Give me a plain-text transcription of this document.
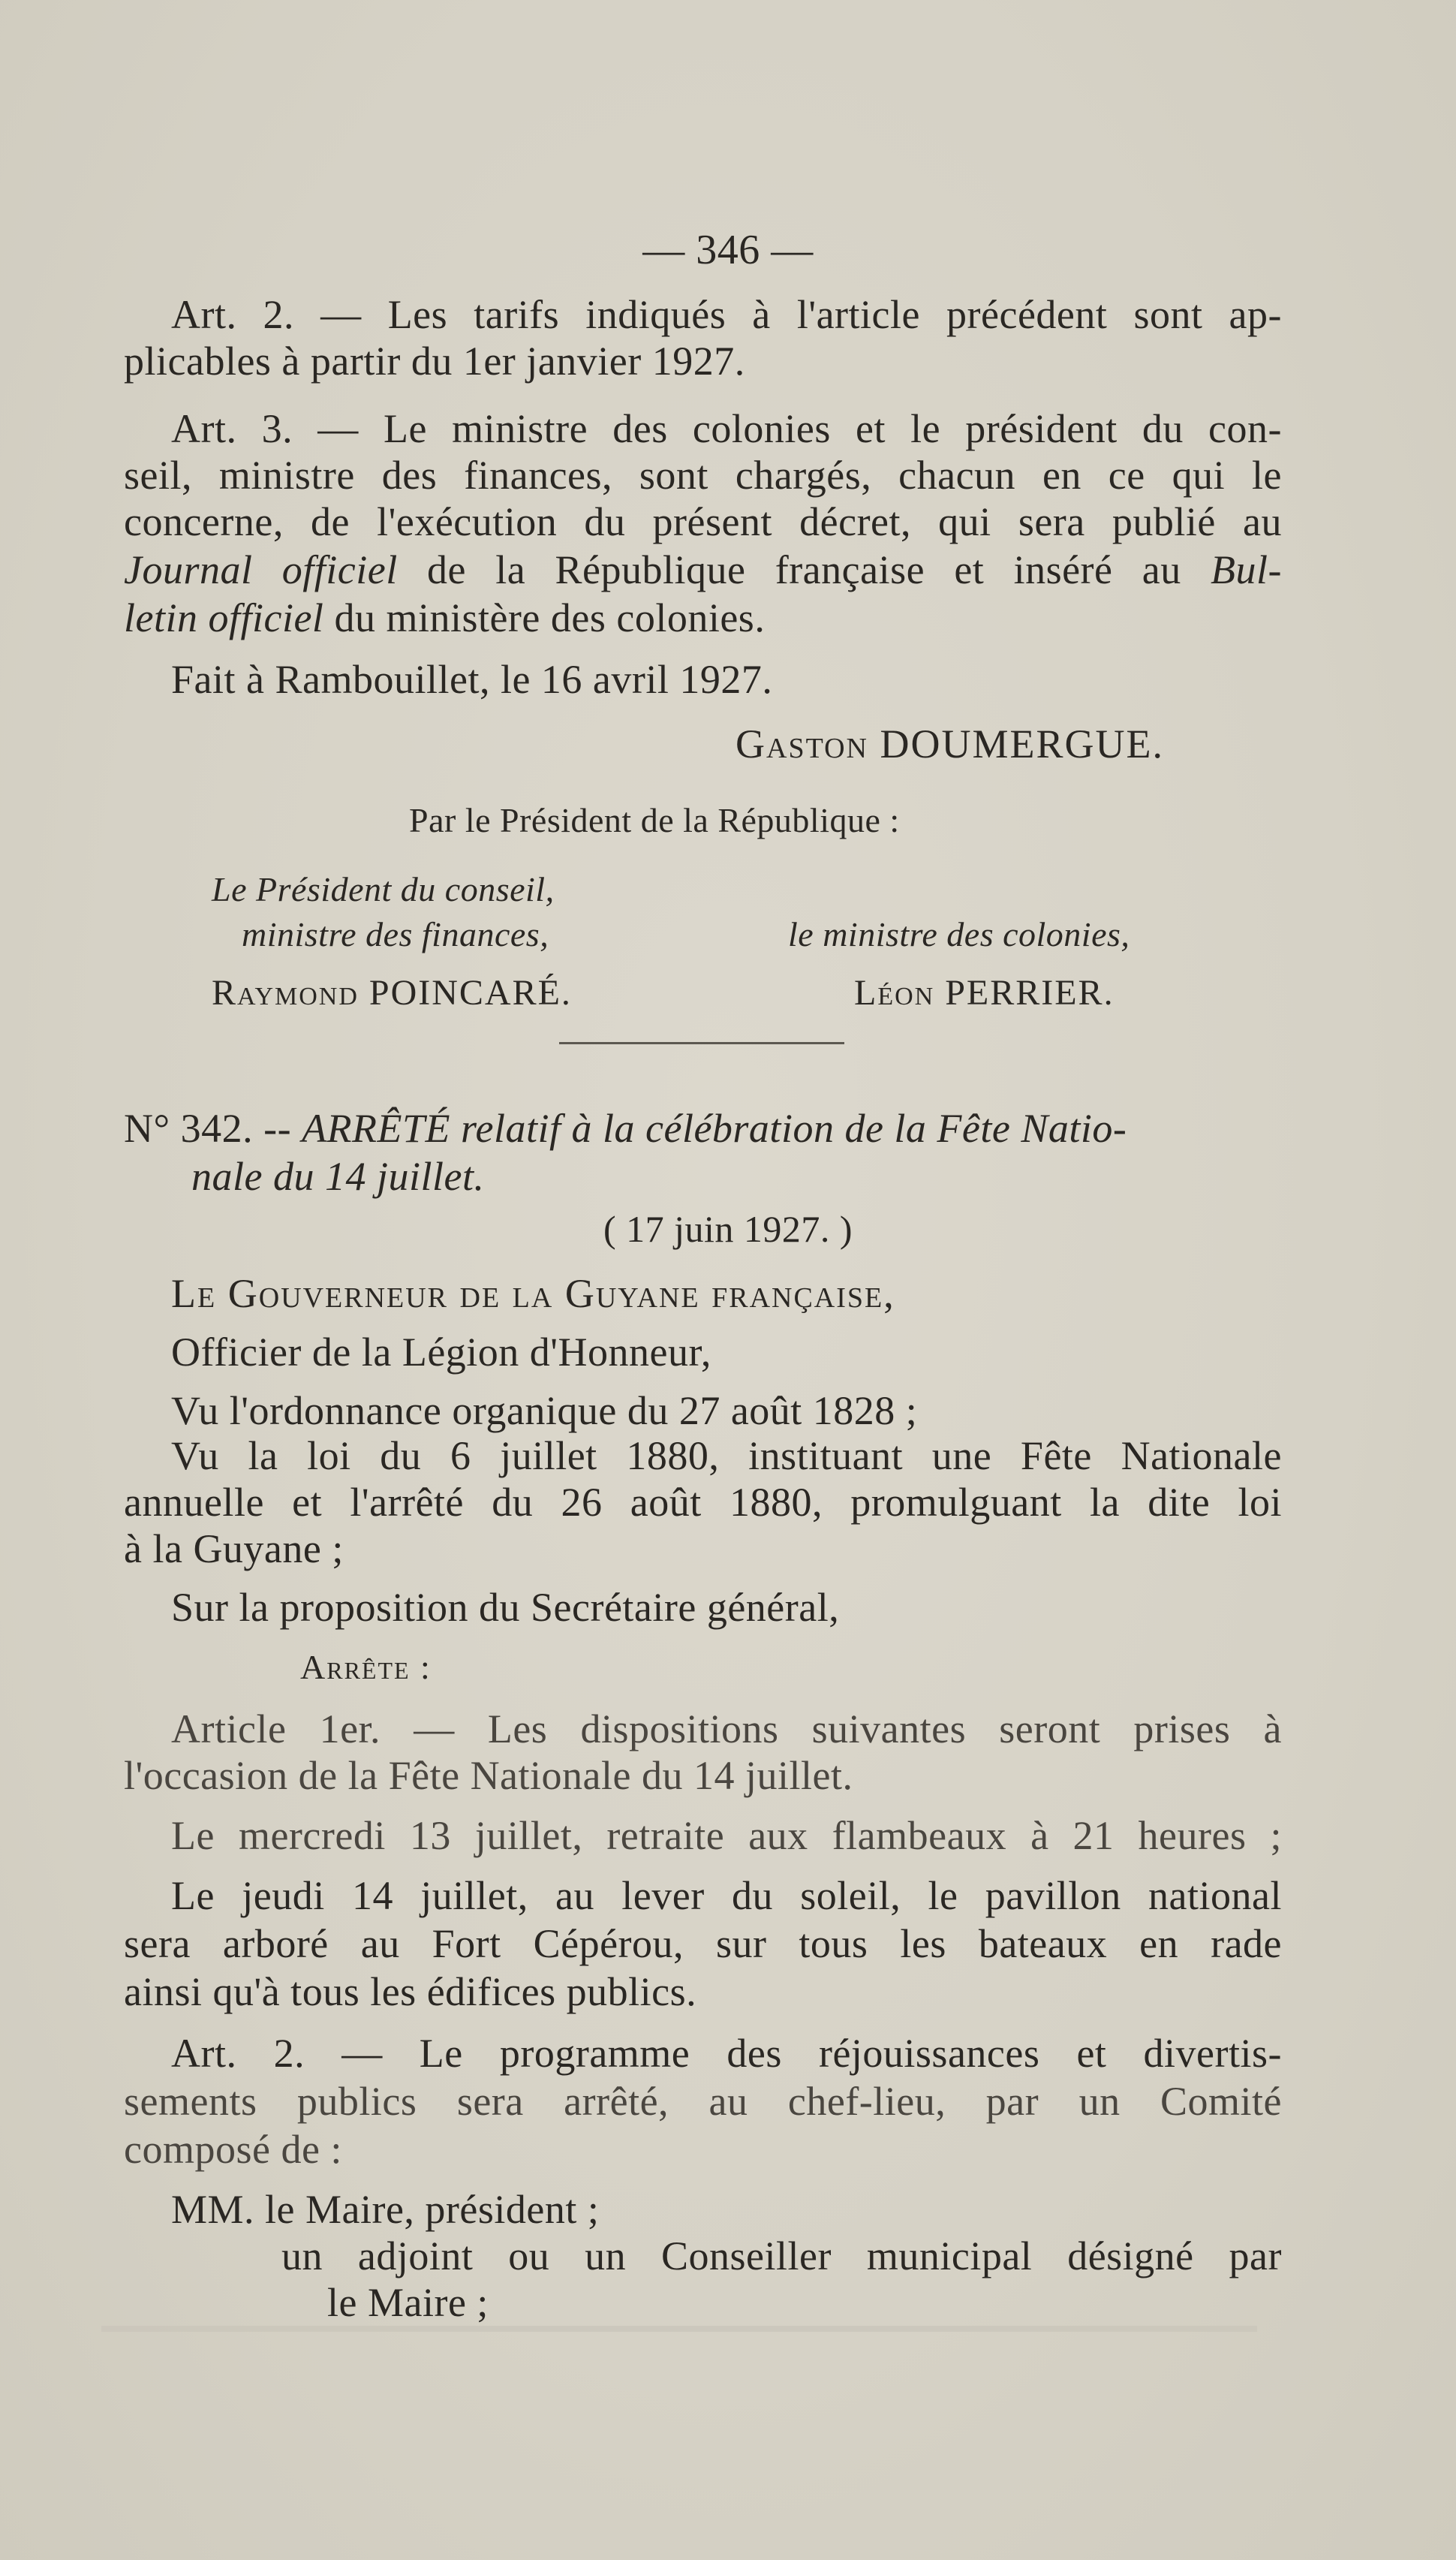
— 346 —
Art. 2. — Les tarifs indiqués à l'article précédent sont ap-
plicables à partir du 1er janvier 1927.
Art. 3. — Le ministre des colonies et le président du con-
seil, ministre des finances, sont chargés, chacun en ce qui le
concerne, de l'exécution du présent décret, qui sera publié au
Journal officiel de la République française et inséré au Bul-
letin officiel du ministère des colonies.
Fait à Rambouillet, le 16 avril 1927.
Gaston DOUMERGUE.
Par le Président de la République :
Le Président du conseil,
ministre des finances,
Raymond POINCARÉ.
le ministre des colonies,
Léon PERRIER.
N° 342. -- ARRÊTÉ relatif à la célébration de la Fête Natio-
nale du 14 juillet.
( 17 juin 1927. )
Le Gouverneur de la Guyane française,
Officier de la Légion d'Honneur,
Vu l'ordonnance organique du 27 août 1828 ;
Vu la loi du 6 juillet 1880, instituant une Fête Nationale
annuelle et l'arrêté du 26 août 1880, promulguant la dite loi
à la Guyane ;
Sur la proposition du Secrétaire général,
Arrête :
Article 1er. — Les dispositions suivantes seront prises à
l'occasion de la Fête Nationale du 14 juillet.
Le mercredi 13 juillet, retraite aux flambeaux à 21 heures ;
Le jeudi 14 juillet, au lever du soleil, le pavillon national
sera arboré au Fort Cépérou, sur tous les bateaux en rade
ainsi qu'à tous les édifices publics.
Art. 2. — Le programme des réjouissances et divertis-
sements publics sera arrêté, au chef-lieu, par un Comité
composé de :
MM. le Maire, président ;
un adjoint ou un Conseiller municipal désigné par
le Maire ;
